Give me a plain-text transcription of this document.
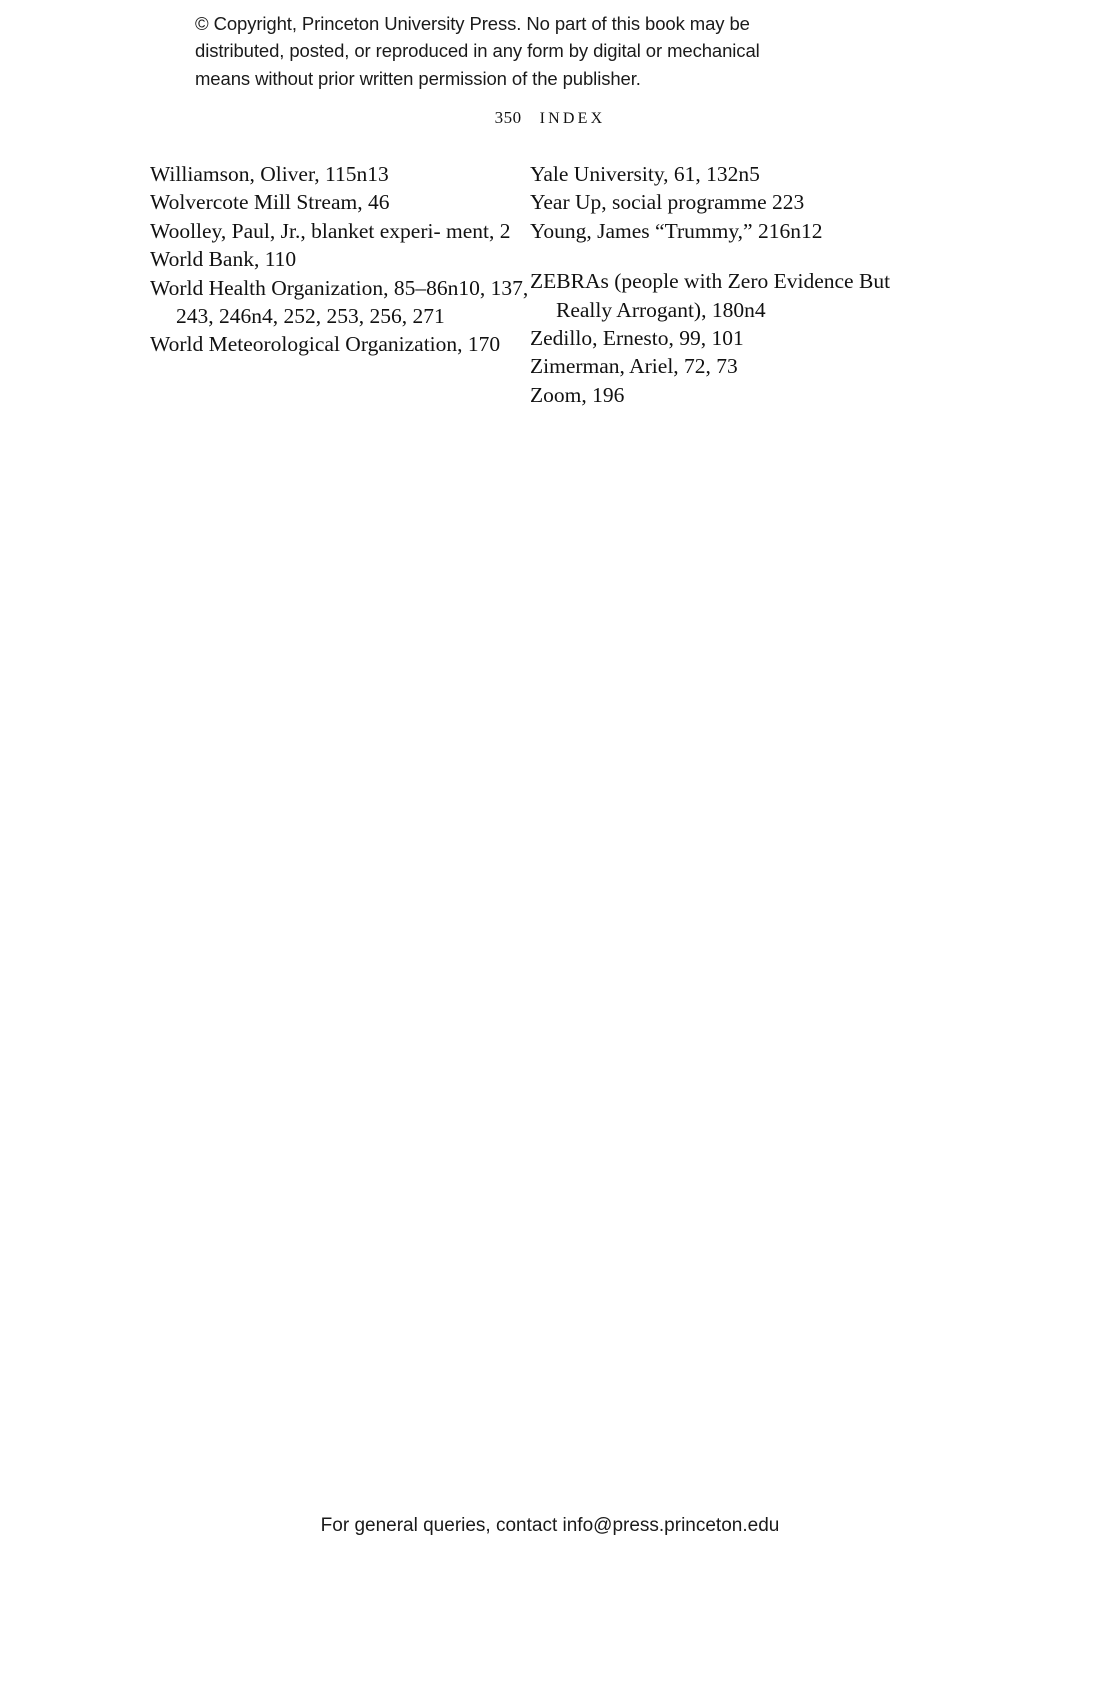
© Copyright, Princeton University Press. No part of this book may be
distributed, posted, or reproduced in any form by digital or mechanical
means without prior written permission of the publisher.
350 INDEX
Williamson, Oliver, 115n13
Wolvercote Mill Stream, 46
Woolley, Paul, Jr., blanket experi- ment, 2
World Bank, 110
World Health Organization, 85–86n10, 137, 243, 246n4, 252, 253, 256, 271
World Meteorological Organization, 170
Yale University, 61, 132n5
Year Up, social programme 223
Young, James “Trummy,” 216n12
ZEBRAs (people with Zero Evidence But Really Arrogant), 180n4
Zedillo, Ernesto, 99, 101
Zimerman, Ariel, 72, 73
Zoom, 196
For general queries, contact info@press.princeton.edu
